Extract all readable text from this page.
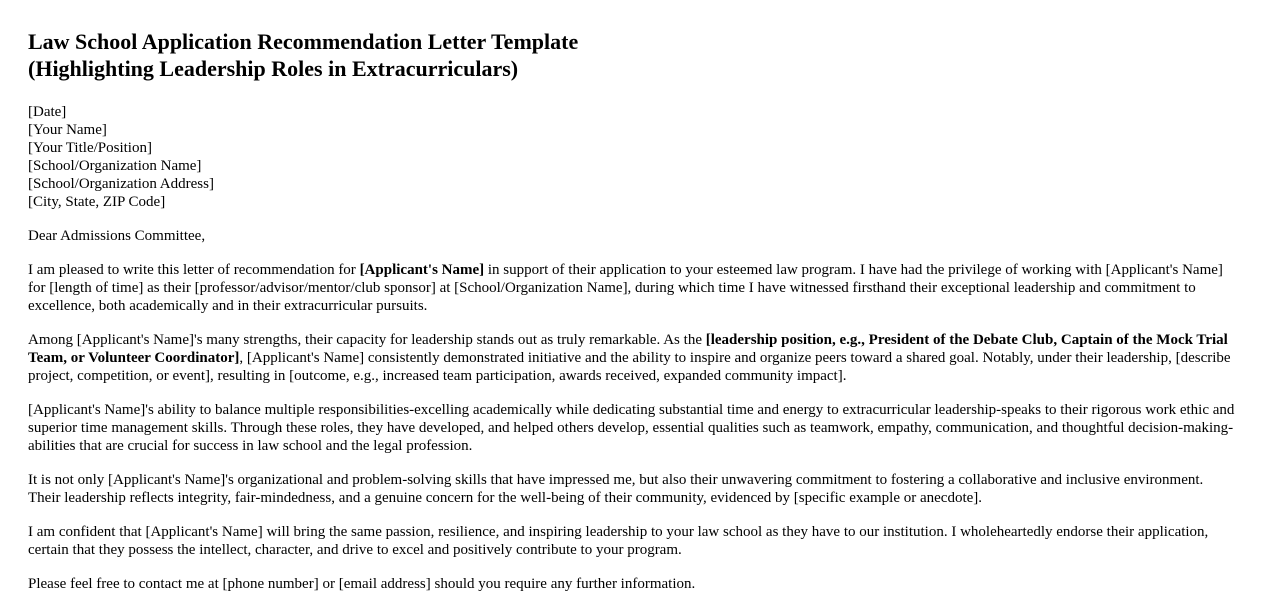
Law School Application Recommendation Letter Template
(Highlighting Leadership Roles in Extracurriculars)
[Date]
[Your Name]
[Your Title/Position]
[School/Organization Name]
[School/Organization Address]
[City, State, ZIP Code]

Dear Admissions Committee,

I am pleased to write this letter of recommendation for [Applicant's Name] in support of their application to your esteemed law program. I have had the privilege of working with [Applicant's Name] for [length of time] as their [professor/advisor/mentor/club sponsor] at [School/Organization Name], during which time I have witnessed firsthand their exceptional leadership and commitment to excellence, both academically and in their extracurricular pursuits.

Among [Applicant's Name]'s many strengths, their capacity for leadership stands out as truly remarkable. As the [leadership position, e.g., President of the Debate Club, Captain of the Mock Trial Team, or Volunteer Coordinator], [Applicant's Name] consistently demonstrated initiative and the ability to inspire and organize peers toward a shared goal. Notably, under their leadership, [describe project, competition, or event], resulting in [outcome, e.g., increased team participation, awards received, expanded community impact].

[Applicant's Name]'s ability to balance multiple responsibilities-excelling academically while dedicating substantial time and energy to extracurricular leadership-speaks to their rigorous work ethic and superior time management skills. Through these roles, they have developed, and helped others develop, essential qualities such as teamwork, empathy, communication, and thoughtful decision-making-abilities that are crucial for success in law school and the legal profession.

It is not only [Applicant's Name]'s organizational and problem-solving skills that have impressed me, but also their unwavering commitment to fostering a collaborative and inclusive environment. Their leadership reflects integrity, fair-mindedness, and a genuine concern for the well-being of their community, evidenced by [specific example or anecdote].

I am confident that [Applicant's Name] will bring the same passion, resilience, and inspiring leadership to your law school as they have to our institution. I wholeheartedly endorse their application, certain that they possess the intellect, character, and drive to excel and positively contribute to your program.

Please feel free to contact me at [phone number] or [email address] should you require any further information.
